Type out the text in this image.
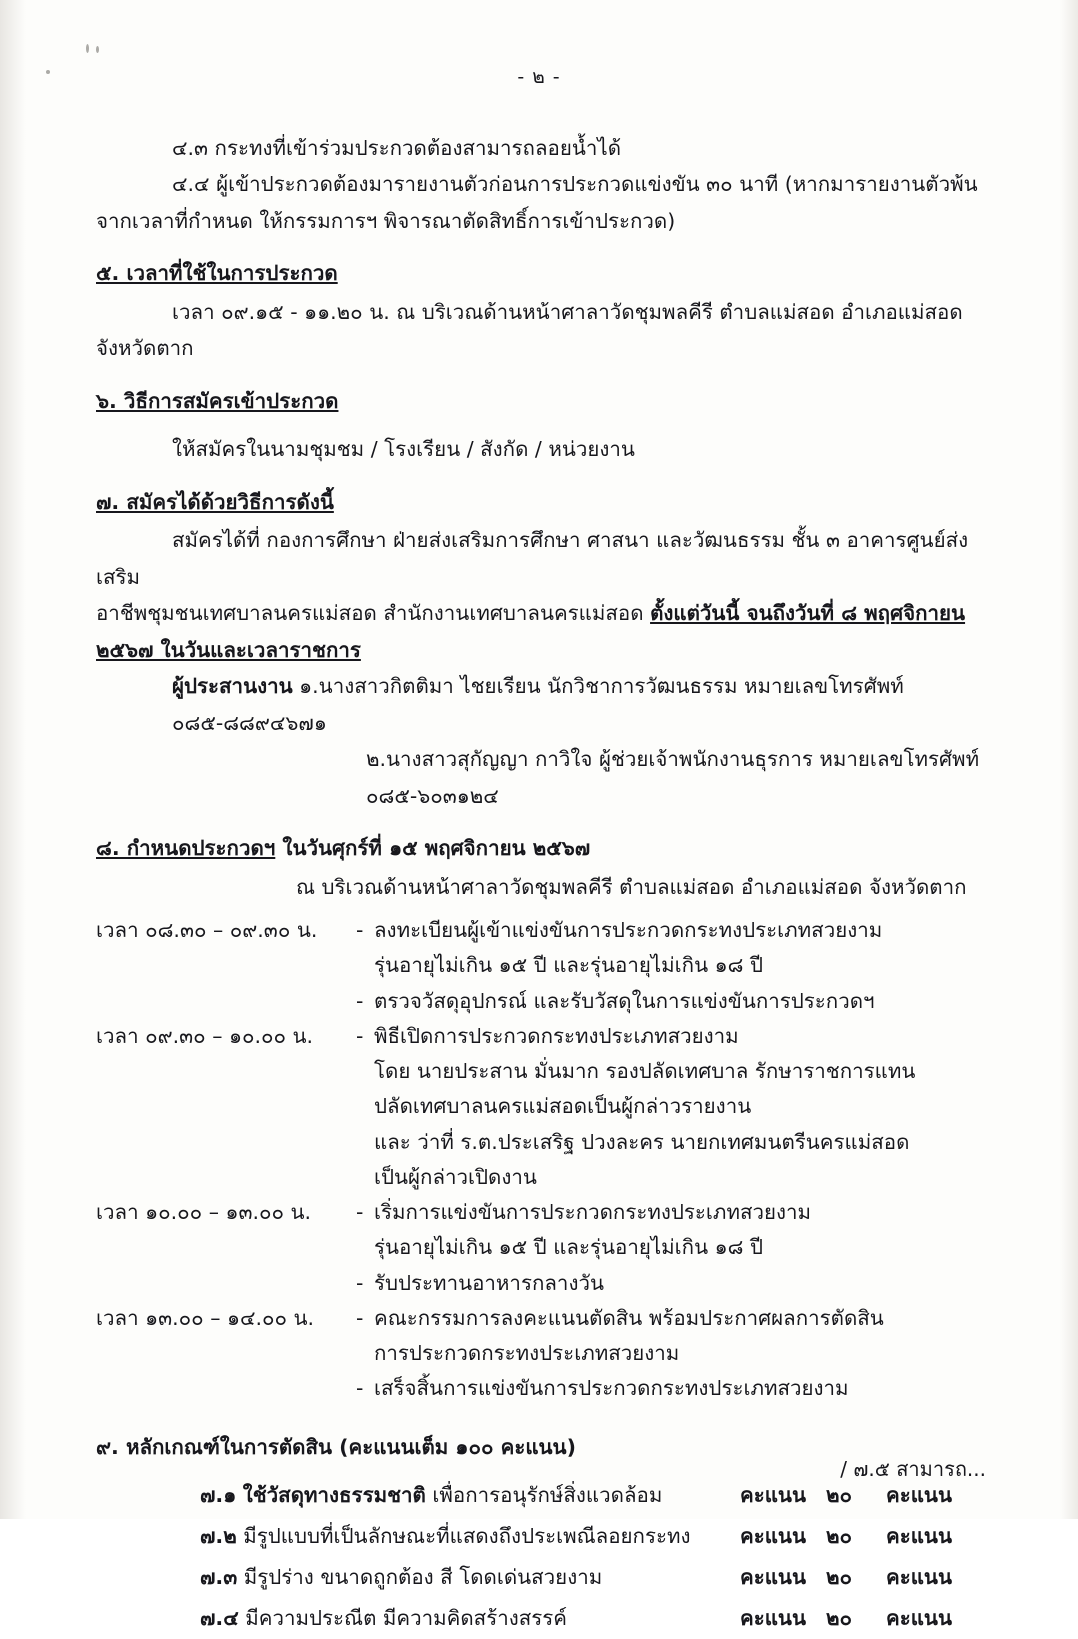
- ๒ -

๔.๓ กระทงที่เข้าร่วมประกวดต้องสามารถลอยน้ำได้

๔.๔ ผู้เข้าประกวดต้องมารายงานตัวก่อนการประกวดแข่งขัน ๓๐ นาที (หากมารายงานตัวพ้น

จากเวลาที่กำหนด ให้กรรมการฯ พิจารณาตัดสิทธิ์การเข้าประกวด)

๕. เวลาที่ใช้ในการประกวด

เวลา ๐๙.๑๕ - ๑๑.๒๐ น. ณ บริเวณด้านหน้าศาลาวัดชุมพลคีรี ตำบลแม่สอด อำเภอแม่สอด

จังหวัดตาก

๖. วิธีการสมัครเข้าประกวด

ให้สมัครในนามชุมชม / โรงเรียน / สังกัด / หน่วยงาน

๗. สมัครได้ด้วยวิธีการดังนี้

สมัครได้ที่ กองการศึกษา ฝ่ายส่งเสริมการศึกษา ศาสนา และวัฒนธรรม ชั้น ๓ อาคารศูนย์ส่งเสริม

อาชีพชุมชนเทศบาลนครแม่สอด สำนักงานเทศบาลนครแม่สอด ตั้งแต่วันนี้ จนถึงวันที่ ๘ พฤศจิกายน

๒๕๖๗ ในวันและเวลาราชการ

ผู้ประสานงาน ๑.นางสาวกิตติมา ไชยเรียน นักวิชาการวัฒนธรรม หมายเลขโทรศัพท์ ๐๘๕-๘๘๙๔๖๗๑

๒.นางสาวสุกัญญา กาวิใจ ผู้ช่วยเจ้าพนักงานธุรการ หมายเลขโทรศัพท์ ๐๘๕-๖๐๓๑๒๔

๘. กำหนดประกวดฯ ในวันศุกร์ที่ ๑๕ พฤศจิกายน ๒๕๖๗

ณ บริเวณด้านหน้าศาลาวัดชุมพลคีรี ตำบลแม่สอด อำเภอแม่สอด จังหวัดตาก

เวลา ๐๘.๓๐ – ๐๙.๓๐ น.	
-ลงทะเบียนผู้เข้าแข่งขันการประกวดกระทงประเภทสวยงาม
รุ่นอายุไม่เกิน ๑๕ ปี และรุ่นอายุไม่เกิน ๑๘ ปี
- ตรวจวัสดุอุปกรณ์ และรับวัสดุในการแข่งขันการประกวดฯ

เวลา ๐๙.๓๐ – ๑๐.๐๐ น.	
-พิธีเปิดการประกวดกระทงประเภทสวยงาม
โดย นายประสาน มั่นมาก รองปลัดเทศบาล รักษาราชการแทน
ปลัดเทศบาลนครแม่สอดเป็นผู้กล่าวรายงาน
และ ว่าที่ ร.ต.ประเสริฐ ปวงละคร นายกเทศมนตรีนครแม่สอด
เป็นผู้กล่าวเปิดงาน

เวลา ๑๐.๐๐ – ๑๓.๐๐ น.	
-เริ่มการแข่งขันการประกวดกระทงประเภทสวยงาม
รุ่นอายุไม่เกิน ๑๕ ปี และรุ่นอายุไม่เกิน ๑๘ ปี
- รับประทานอาหารกลางวัน

เวลา ๑๓.๐๐ – ๑๔.๐๐ น.	
-คณะกรรมการลงคะแนนตัดสิน พร้อมประกาศผลการตัดสิน
การประกวดกระทงประเภทสวยงาม
- เสร็จสิ้นการแข่งขันการประกวดกระทงประเภทสวยงาม

๙. หลักเกณฑ์ในการตัดสิน (คะแนนเต็ม ๑๐๐ คะแนน)

๗.๑ ใช้วัสดุทางธรรมชาติ เพื่อการอนุรักษ์สิ่งแวดล้อม	คะแนน	๒๐	คะแนน
๗.๒ มีรูปแบบที่เป็นลักษณะที่แสดงถึงประเพณีลอยกระทง	คะแนน	๒๐	คะแนน
๗.๓ มีรูปร่าง ขนาดถูกต้อง สี โดดเด่นสวยงาม	คะแนน	๒๐	คะแนน
๗.๔ มีความประณีต มีความคิดสร้างสรรค์	คะแนน	๒๐	คะแนน
/ ๗.๕ สามารถ...
